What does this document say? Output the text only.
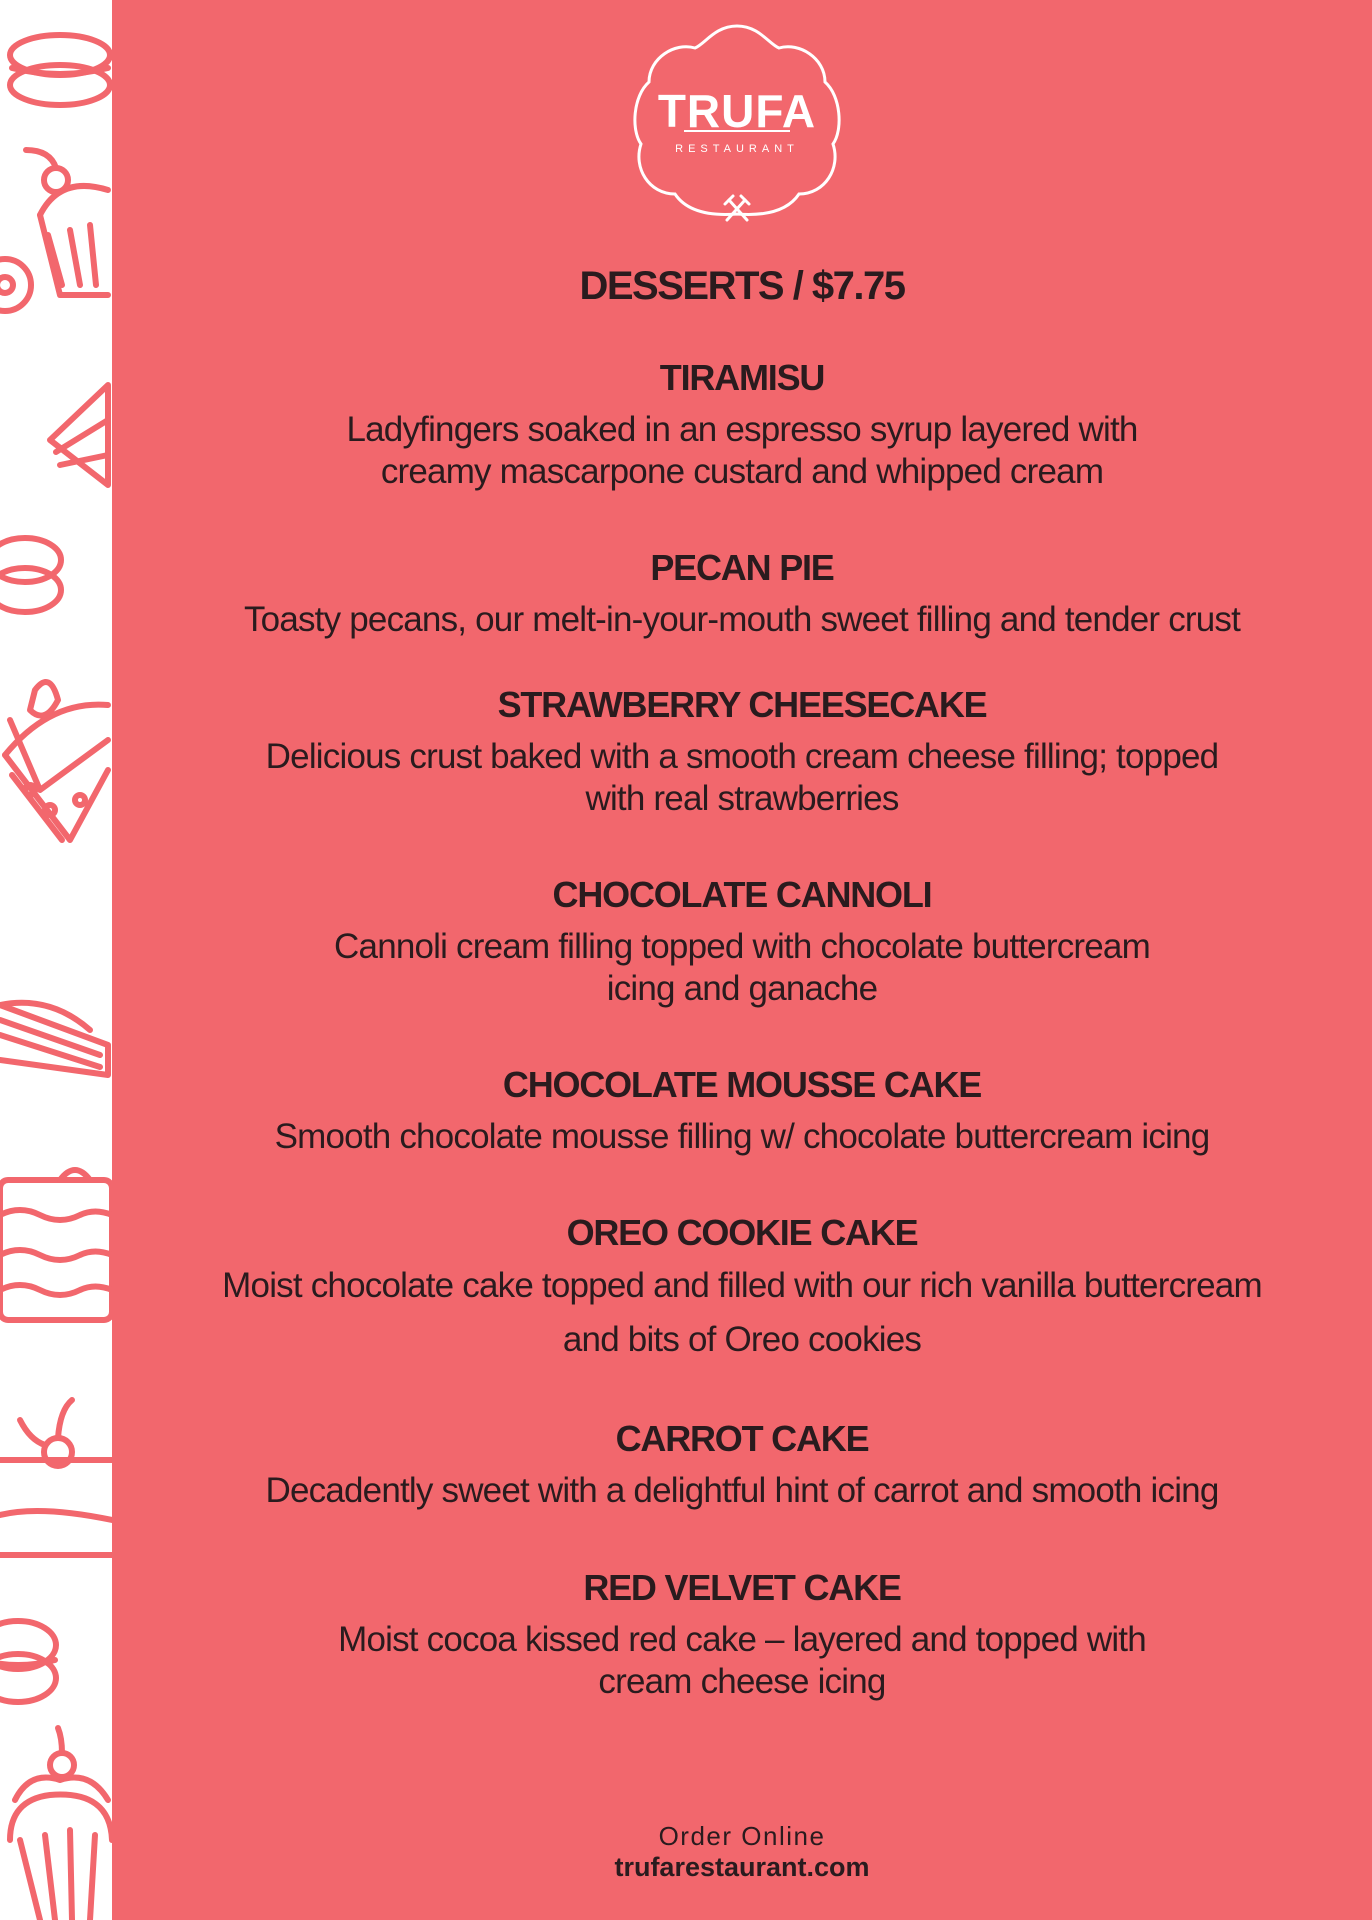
TRUFA
RESTAURANT
DESSERTS / $7.75
TIRAMISU
Ladyfingers soaked in an espresso syrup layered with
creamy mascarpone custard and whipped cream
PECAN PIE
Toasty pecans, our melt-in-your-mouth sweet filling and tender crust
STRAWBERRY CHEESECAKE
Delicious crust baked with a smooth cream cheese filling; topped
with real strawberries
CHOCOLATE CANNOLI
Cannoli cream filling topped with chocolate buttercream
icing and ganache
CHOCOLATE MOUSSE CAKE
Smooth chocolate mousse filling w/ chocolate buttercream icing
OREO COOKIE CAKE
Moist chocolate cake topped and filled with our rich vanilla buttercream
and bits of Oreo cookies
CARROT CAKE
Decadently sweet with a delightful hint of carrot and smooth icing
RED VELVET CAKE
Moist cocoa kissed red cake – layered and topped with
cream cheese icing
Order Online
trufarestaurant.com
